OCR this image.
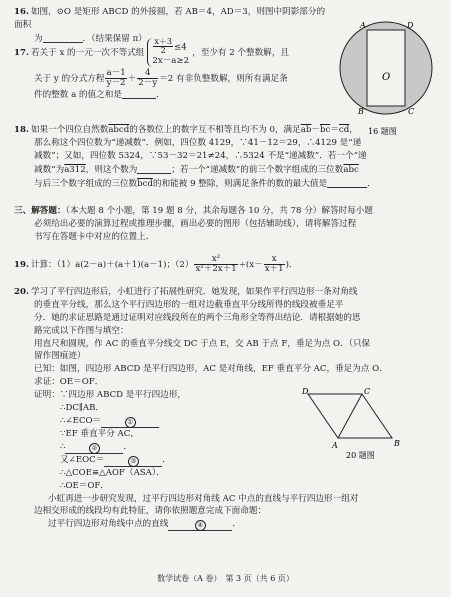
16. 如图，⊙O 是矩形 ABCD 的外接圆，若 AB＝4，AD＝3，则图中阴影部分的面积
为	．（结果保留 π）
O
A	D
B	C
16 题图
17. 若关于 x 的一元一次不等式组 $\frac{x+3}{2} \le 4$
2x－a≥2，至少有 2 个整数解，且
关于 y 的分式方程 $\frac{a-1}{y-2} + \frac{4}{2-y} =2$ 有非负整数解，则所有满足条
件的整数 a 的值之和是	．
18. 如果一个四位自然数abcd的各数位上的数字互不相等且均不为 0，满足$\overline{ab}-\overline{bc}=\overline{cd}$，
那么称这个四位数为“递减数”．例如，四位数 4129，∵41－12＝29，∴4129 是“递
减数”；又如，四位数 5324，∵53－32＝21≠24，∴5324 不是“递减数”．若一个“递
减数”为a312，则这个数为	；若一个“递减数”的前三个数字组成的三位数$\overline{abc}$
与后三个数字组成的三位数$\overline{bcd}$的和能被 9 整除，则满足条件的数的最大值是	．
三、解答题：（本大题 8 个小题，第 19 题 8 分，其余每题各 10 分，共 78 分）解答时每小题
必须给出必要的演算过程或推理步骤，画出必要的图形（包括辅助线），请将解答过程
书写在答题卡中对应的位置上．
19. 计算：（1）a(2－a)＋(a＋1)(a－1)；$(2) \frac{\text{x²}}{\text{x²＋2x＋1}} \div(x- \frac{x}{x+1}$ )．
20. 学习了平行四边形后，小虹进行了拓展性研究．她发现，如果作平行四边形一条对角线
的垂直平分线，那么这个平行四边形的一组对边截垂直平分线所得的线段被垂足平
分．她的求证思路是通过证明对应线段所在的两个三角形全等得出结论．请根据她的思
路完成以下作图与填空：
用直尺和圆规，作 AC 的垂直平分线交 DC 于点 E，交 AB 于点 F，垂足为点 O．（只保
留作图痕迹）
已知：如图，四边形 ABCD 是平行四边形，AC 是对角线，EF 垂直平分 AC，垂足为点 O．
求证：OE＝OF．
证明：∵四边形 ABCD 是平行四边形，
∴DC∥AB．
∴∠ECO＝	①
∵EF 垂直平分 AC，
∴	②	．
又∠EOC＝	③	．
∴△COE≌△AOF（ASA）．
∴OE＝OF．
小虹再进一步研究发现，过平行四边形对角线 AC 中点的直线与平行四边形一组对
边相交形成的线段均有此特征，请你依照题意完成下面命题：
过平行四边形对角线中点的直线	④	．
D	C
A	B
20 题图
数学试卷（A 卷）　第 3 页（共 6 页）
